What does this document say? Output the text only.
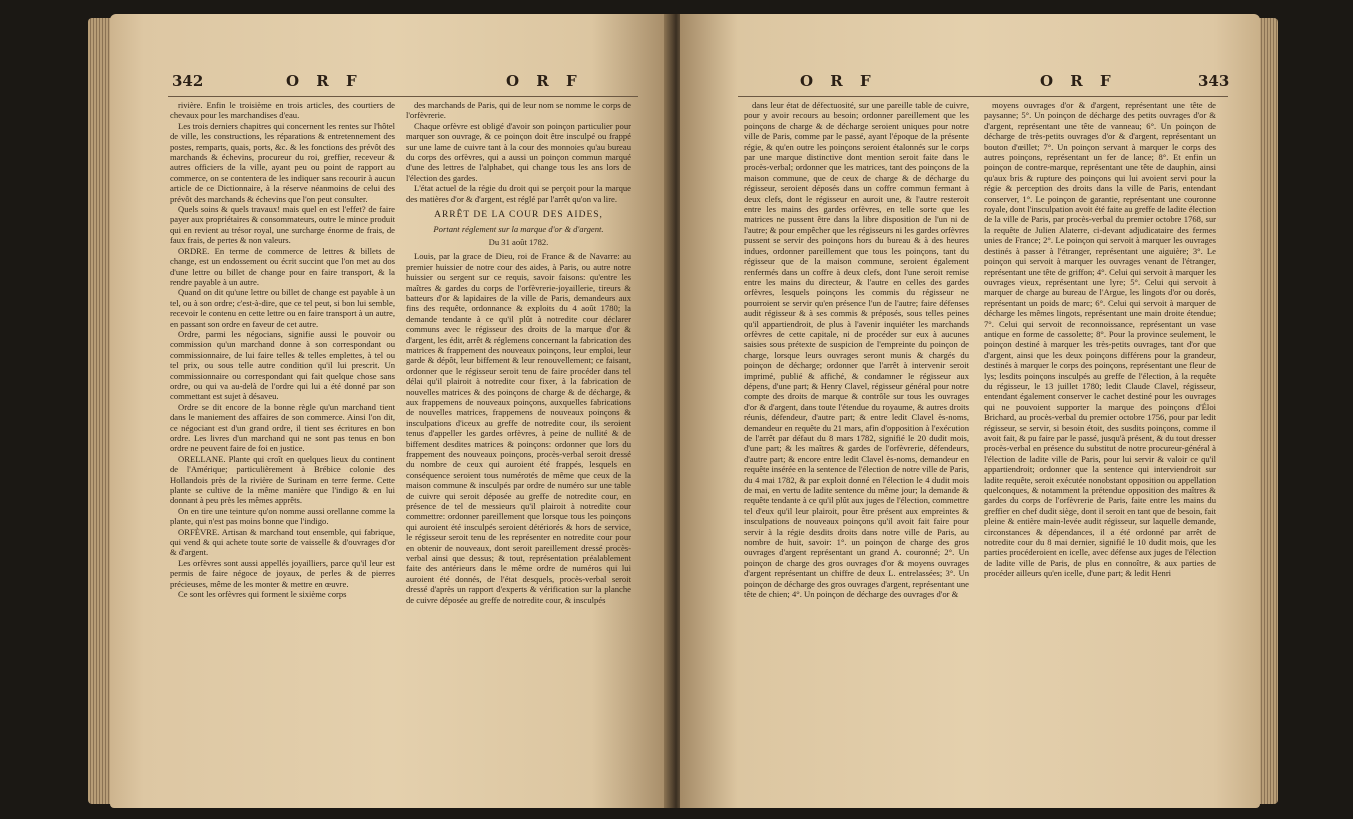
342	O R F	O R F

rivière. Enfin le troisième en trois articles, des courtiers de chevaux pour les marchandises d'eau.

Les trois derniers chapitres qui concernent les rentes sur l'hôtel de ville, les constructions, les réparations & entretennement des postes, remparts, quais, ports, &c. & les fonctions des prévôt des marchands & échevins, procureur du roi, greffier, receveur & autres officiers de la ville, ayant peu ou point de rapport au commerce, on se contentera de les indiquer sans recourir à aucun article de ce Dictionnaire, à la réserve néanmoins de celui des prévôt des marchands & échevins que l'on peut consulter.

Quels soins & quels travaux! mais quel en est l'effet? de faire payer aux propriétaires & consommateurs, outre le mince produit qui en revient au trésor royal, une surcharge énorme de frais, de faux frais, de pertes & non valeurs.

ORDRE. En terme de commerce de lettres & billets de change, est un endossement ou écrit succint que l'on met au dos d'une lettre ou billet de change pour en faire transport, & la rendre payable à un autre.

Quand on dit qu'une lettre ou billet de change est payable à un tel, ou à son ordre; c'est-à-dire, que ce tel peut, si bon lui semble, recevoir le contenu en cette lettre ou en faire transport à un autre, en passant son ordre en faveur de cet autre.

Ordre, parmi les négocians, signifie aussi le pouvoir ou commission qu'un marchand donne à son correspondant ou commissionnaire, de lui faire telles & telles emplettes, à tel ou tel prix, ou sous telle autre condition qu'il lui prescrit. Un commissionnaire ou correspondant qui fait quelque chose sans ordre, ou qui va au-delà de l'ordre qui lui a été donné par son commettant est sujet à désaveu.

Ordre se dit encore de la bonne règle qu'un marchand tient dans le maniement des affaires de son commerce. Ainsi l'on dit, ce négociant est d'un grand ordre, il tient ses écritures en bon ordre. Les livres d'un marchand qui ne sont pas tenus en bon ordre ne peuvent faire de foi en justice.

ORELLANE. Plante qui croît en quelques lieux du continent de l'Amérique; particulièrement à Brébice colonie des Hollandois près de la rivière de Surinam en terre ferme. Cette plante se cultive de la même manière que l'indigo & en lui donnant à peu près les mêmes apprêts.

On en tire une teinture qu'on nomme aussi orellanne comme la plante, qui n'est pas moins bonne que l'indigo.

ORFÈVRE. Artisan & marchand tout ensemble, qui fabrique, qui vend & qui achete toute sorte de vaisselle & d'ouvrages d'or & d'argent.

Les orfèvres sont aussi appellés joyailliers, parce qu'il leur est permis de faire négoce de joyaux, de perles & de pierres précieuses, même de les monter & mettre en œuvre.

Ce sont les orfèvres qui forment le sixième corps

des marchands de Paris, qui de leur nom se nomme le corps de l'orfèvrerie.

Chaque orfèvre est obligé d'avoir son poinçon particulier pour marquer son ouvrage, & ce poinçon doit être insculpé ou frappé sur une lame de cuivre tant à la cour des monnoies qu'au bureau du corps des orfèvres, qui a aussi un poinçon commun marqué d'une des lettres de l'alphabet, qui change tous les ans lors de l'élection des gardes.

L'état actuel de la régie du droit qui se perçoit pour la marque des matières d'or & d'argent, est réglé par l'arrêt qu'on va lire.

ARRÊT DE LA COUR DES AIDES,

Portant réglement sur la marque d'or & d'argent.

Du 31 août 1782.

Louis, par la grace de Dieu, roi de France & de Navarre: au premier huissier de notre cour des aides, à Paris, ou autre notre huissier ou sergent sur ce requis, savoir faisons: qu'entre les maîtres & gardes du corps de l'orfèvrerie-joyaillerie, tireurs & batteurs d'or & lapidaires de la ville de Paris, demandeurs aux fins des requête, ordonnance & exploits du 4 août 1780; la demande tendante à ce qu'il plût à notredite cour déclarer communs avec le régisseur des droits de la marque d'or & d'argent, les édit, arrêt & réglemens concernant la fabrication des matrices & frappement des nouveaux poinçons, leur emploi, leur garde & dépôt, leur biffement & leur renouvellement; ce faisant, ordonner que le régisseur seroit tenu de faire procéder dans tel délai qu'il plairoit à notredite cour fixer, à la fabrication de nouvelles matrices & des poinçons de charge & de décharge, & aux frappemens de nouveaux poinçons, auxquelles fabrications de nouvelles matrices, frappemens de nouveaux poinçons & insculpations d'iceux au greffe de notredite cour, ils seroient tenus d'appeller les gardes orfèvres, à peine de nullité & de biffement desdites matrices & poinçons: ordonner que lors du frappement des nouveaux poinçons, procès-verbal seroit dressé du nombre de ceux qui auroient été frappés, lesquels en conséquence seroient tous numérotés de même que ceux de la maison commune & insculpés par ordre de numéro sur une table de cuivre qui seroit déposée au greffe de notredite cour, en présence de tel de messieurs qu'il plairoit à notredite cour commettre: ordonner pareillement que lorsque tous les poinçons qui auroient été insculpés seroient détériorés & hors de service, le régisseur seroit tenu de les représenter en notredite cour pour en obtenir de nouveaux, dont seroit pareillement dressé procès-verbal ainsi que dessus; & tout, représentation préalablement faite des antérieurs dans le même ordre de numéros qui lui auroient été donnés, de l'état desquels, procès-verbal seroit dressé d'après un rapport d'experts & vérification sur la planche de cuivre déposée au greffe de notredite cour, & insculpés

O R F	O R F	343

dans leur état de défectuosité, sur une pareille table de cuivre, pour y avoir recours au besoin; ordonner pareillement que les poinçons de charge & de décharge seroient uniques pour notre ville de Paris, comme par le passé, ayant l'époque de la présente régie, & qu'en outre les poinçons seroient étalonnés sur le corps par une marque distinctive dont mention seroit faite dans le procès-verbal; ordonner que les matrices, tant des poinçons de la maison commune, que de ceux de charge & de décharge du régisseur, seroient déposés dans un coffre commun fermant à deux clefs, dont le régisseur en auroit une, & l'autre resteroit entre les mains des gardes orfèvres, en telle sorte que les matrices ne pussent être dans la libre disposition de l'un ni de l'autre; & pour empêcher que les régisseurs ni les gardes orfèvres pussent se servir des poinçons hors du bureau & à des heures indues, ordonner pareillement que tous les poinçons, tant du régisseur que de la maison commune, seroient également renfermés dans un coffre à deux clefs, dont l'une seroit remise entre les mains du directeur, & l'autre en celles des gardes orfèvres, lesquels poinçons les commis du régisseur ne pourroient se servir qu'en présence l'un de l'autre; faire défenses audit régisseur & à ses commis & préposés, sous telles peines qu'il appartiendroit, de plus à l'avenir inquiéter les marchands orfèvres de cette capitale, ni de procéder sur eux à aucunes saisies sous prétexte de suspicion de l'empreinte du poinçon de charge, lorsque leurs ouvrages seront munis & chargés du poinçon de décharge; ordonner que l'arrêt à intervenir seroit imprimé, publié & affiché, & condamner le régisseur aux dépens, d'une part; & Henry Clavel, régisseur général pour notre compte des droits de marque & contrôle sur tous les ouvrages d'or & d'argent, dans toute l'étendue du royaume, & autres droits réunis, défendeur, d'autre part; & entre ledit Clavel ès-noms, demandeur en requête du 21 mars, afin d'opposition à l'exécution de l'arrêt par défaut du 8 mars 1782, signifié le 20 dudit mois, d'une part; & les maîtres & gardes de l'orfèvrerie, défendeurs, d'autre part; & encore entre ledit Clavel ès-noms, demandeur en requête insérée en la sentence de l'élection de notre ville de Paris, du 4 mai 1782, & par exploit donné en l'élection le 4 dudit mois de mai, en vertu de ladite sentence du même jour; la demande & requête tendante à ce qu'il plût aux juges de l'élection, commettre tel d'eux qu'il leur plairoit, pour être présent aux empreintes & insculpations de nouveaux poinçons qu'il avoit fait faire pour servir à la régie desdits droits dans notre ville de Paris, au nombre de huit, savoir: 1°. un poinçon de charge des gros ouvrages d'argent représentant un grand A. couronné; 2°. Un poinçon de charge des gros ouvrages d'or & moyens ouvrages d'argent représentant un chiffre de deux L. entrelassées; 3°. Un poinçon de décharge des gros ouvrages d'argent, représentant une tête de chien; 4°. Un poinçon de décharge des ouvrages d'or &

moyens ouvrages d'or & d'argent, représentant une tête de paysanne; 5°. Un poinçon de décharge des petits ouvrages d'or & d'argent, représentant une tête de vanneau; 6°. Un poinçon de décharge de très-petits ouvrages d'or & d'argent, représentant un bouton d'œillet; 7°. Un poinçon servant à marquer le corps des autres poinçons, représentant un fer de lance; 8°. Et enfin un poinçon de contre-marque, représentant une tête de dauphin, ainsi qu'aux bris & rupture des poinçons qui lui avoient servi pour la régie & perception des droits dans la ville de Paris, entendant conserver, 1°. Le poinçon de garantie, représentant une couronne royale, dont l'insculpation avoit été faite au greffe de ladite élection de la ville de Paris, par procès-verbal du premier octobre 1768, sur la requête de Julien Alaterre, ci-devant adjudicataire des fermes unies de France; 2°. Le poinçon qui servoit à marquer les ouvrages destinés à passer à l'étranger, représentant une aiguière; 3°. Le poinçon qui servoit à marquer les ouvrages venant de l'étranger, représentant une tête de griffon; 4°. Celui qui servoit à marquer les ouvrages vieux, représentant une lyre; 5°. Celui qui servoit à marquer de charge au bureau de l'Argue, les lingots d'or ou dorés, représentant un poids de marc; 6°. Celui qui servoit à marquer de décharge les mêmes lingots, représentant une main droite étendue; 7°. Celui qui servoit de reconnoissance, représentant un vase antique en forme de cassolette; 8°. Pour la province seulement, le poinçon destiné à marquer les très-petits ouvrages, tant d'or que d'argent, ainsi que les deux poinçons différens pour la grandeur, destinés à marquer le corps des poinçons, représentant une fleur de lys; lesdits poinçons insculpés au greffe de l'élection, à la requête du régisseur, le 13 juillet 1780; ledit Claude Clavel, régisseur, entendant également conserver le cachet destiné pour les ouvrages qui ne pouvoient supporter la marque des poinçons d'Éloi Brichard, au procès-verbal du premier octobre 1756, pour par ledit régisseur, se servir, si besoin étoit, des susdits poinçons, comme il avoit fait, & pu faire par le passé, jusqu'à présent, & du tout dresser procès-verbal en présence du substitut de notre procureur-général à l'élection de ladite ville de Paris, pour lui servir & valoir ce qu'il appartiendroit; ordonner que la sentence qui interviendroit sur ladite requête, seroit exécutée nonobstant opposition ou appellation quelconques, & notamment la prétendue opposition des maîtres & gardes du corps de l'orfèvrerie de Paris, faite entre les mains du greffier en chef dudit siège, dont il seroit en tant que de besoin, fait pleine & entière main-levée audit régisseur, sur laquelle demande, circonstances & dépendances, il a été ordonné par arrêt de notredite cour du 8 mai dernier, signifié le 10 dudit mois, que les parties procéderoient en icelle, avec défense aux juges de l'élection de ladite ville de Paris, de plus en connoître, & aux parties de procéder ailleurs qu'en icelle, d'une part; & ledit Henri
